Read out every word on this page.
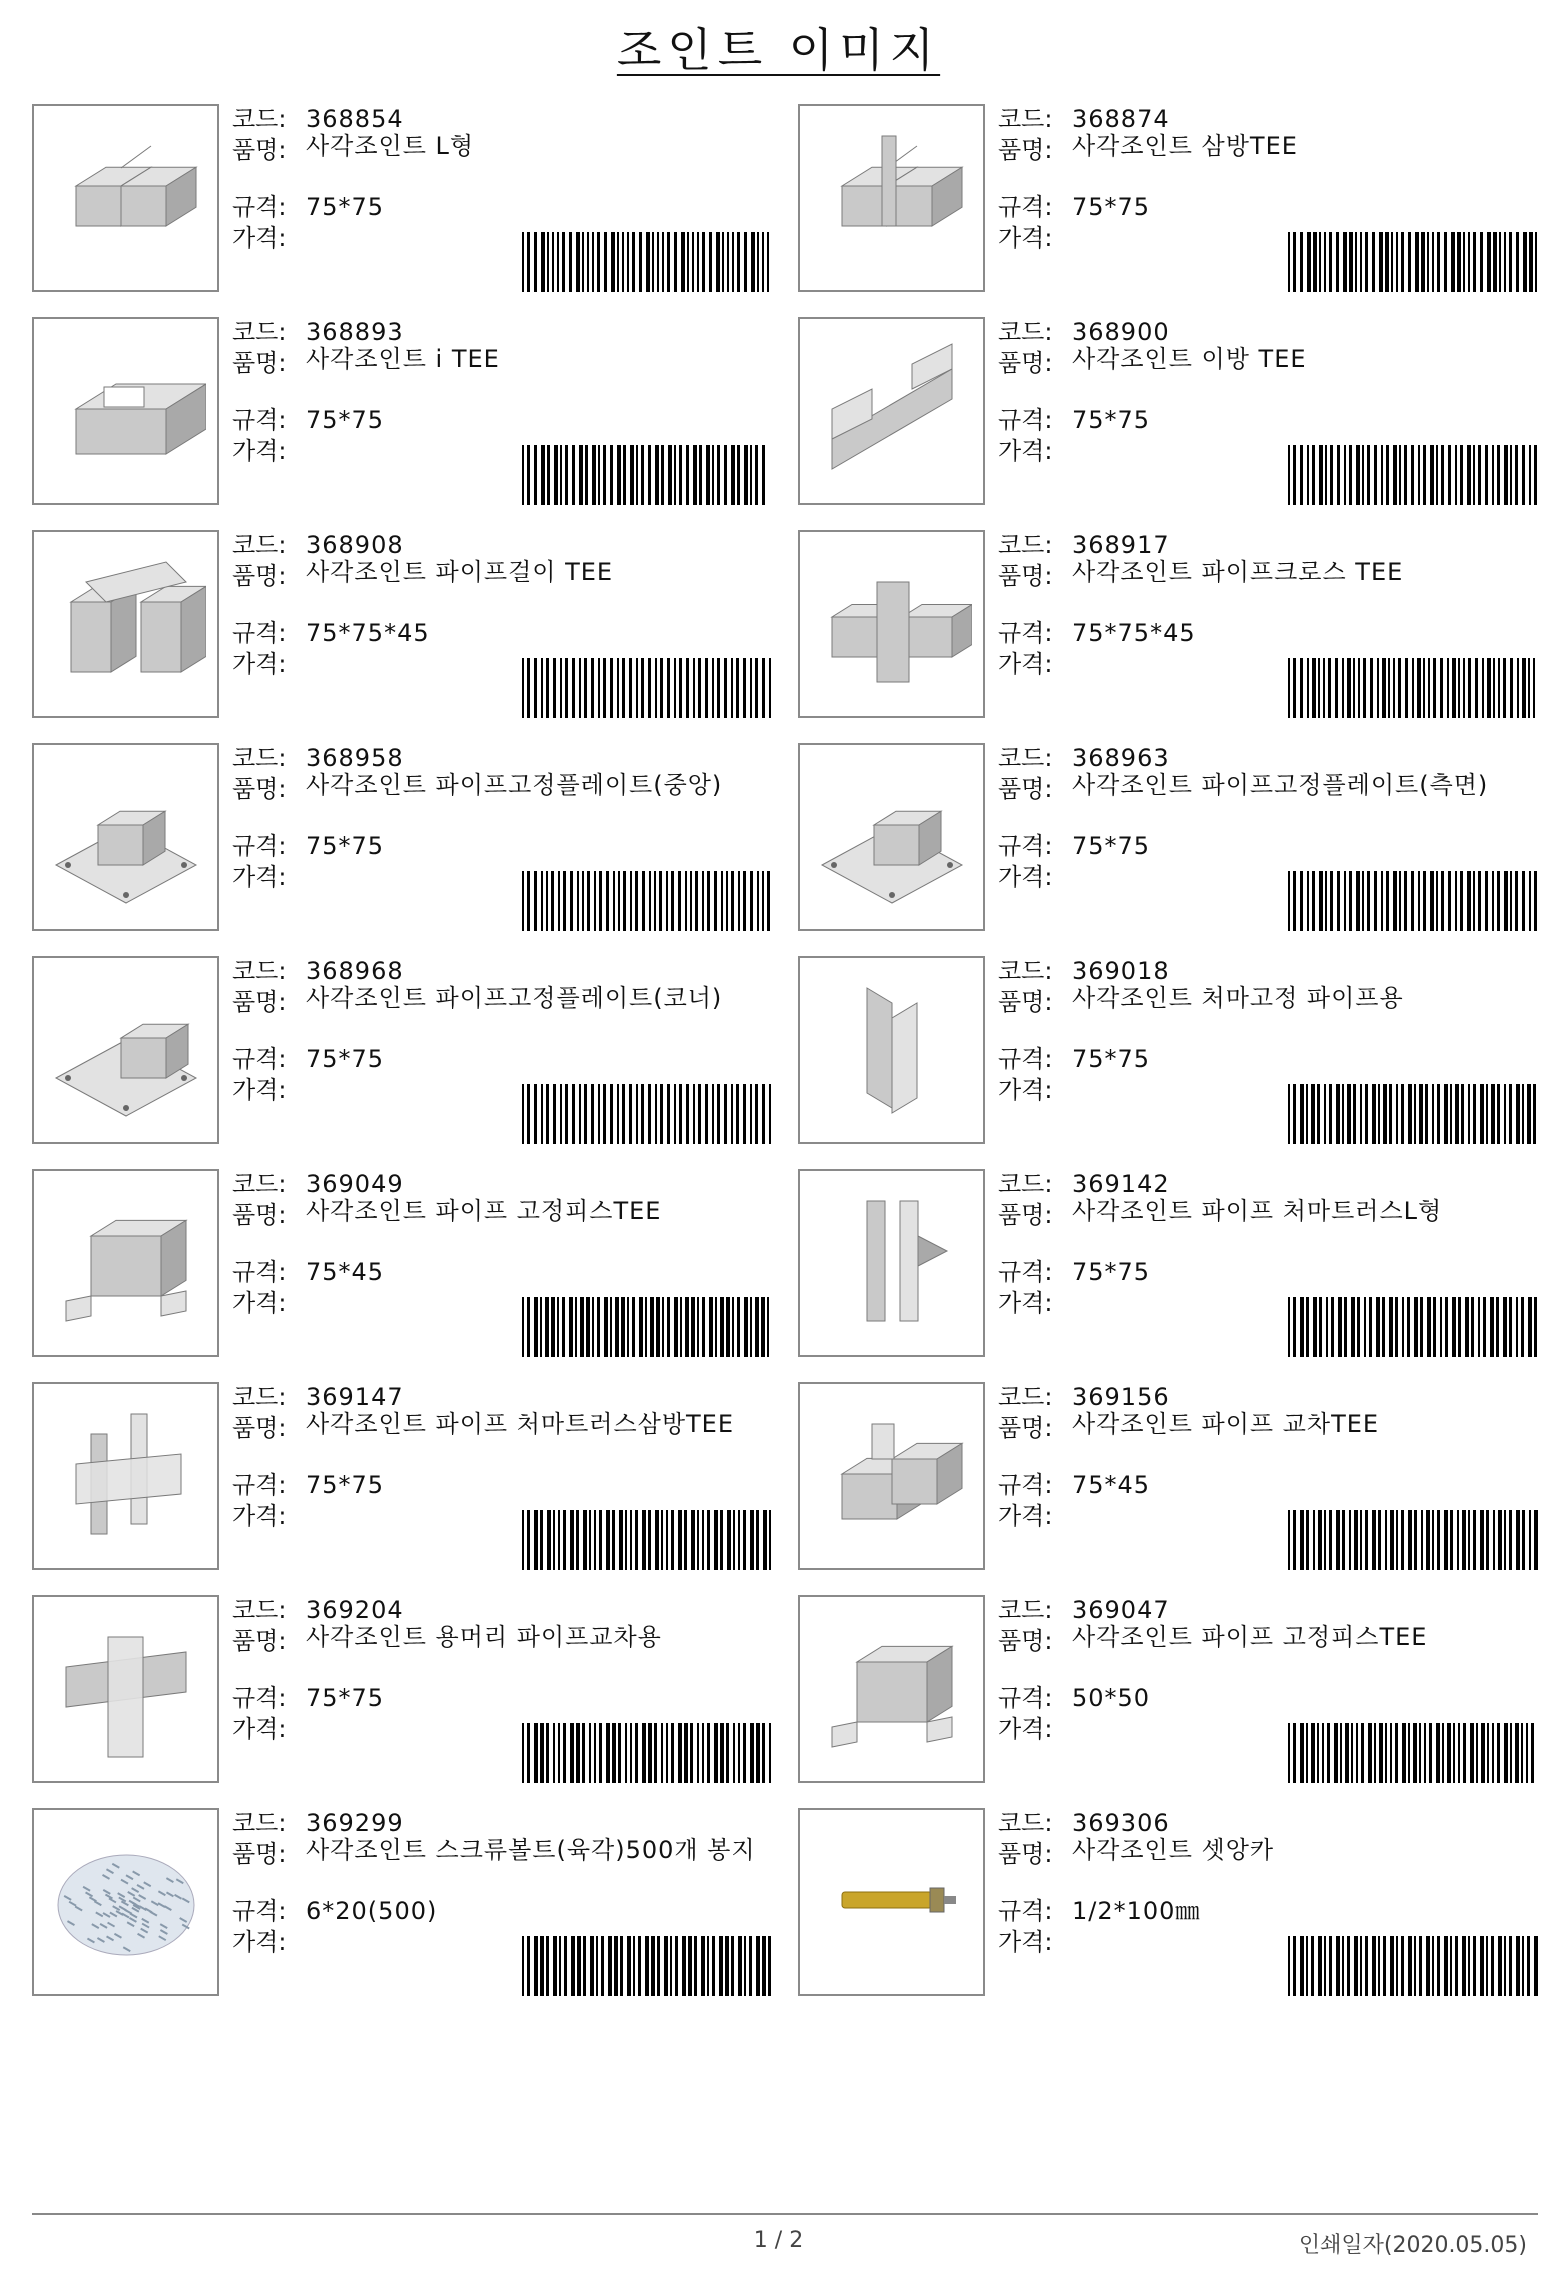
조인트 이미지
코드: 368854
품명: 사각조인트 L형
규격: 75*75
가격:
코드: 368874
품명: 사각조인트 삼방TEE
규격: 75*75
가격:
코드: 368893
품명: 사각조인트 i TEE
규격: 75*75
가격:
코드: 368900
품명: 사각조인트 이방 TEE
규격: 75*75
가격:
코드: 368908
품명: 사각조인트 파이프걸이 TEE
규격: 75*75*45
가격:
코드: 368917
품명: 사각조인트 파이프크로스 TEE
규격: 75*75*45
가격:
코드: 368958
품명: 사각조인트 파이프고정플레이트(중앙)
규격: 75*75
가격:
코드: 368963
품명: 사각조인트 파이프고정플레이트(측면)
규격: 75*75
가격:
코드: 368968
품명: 사각조인트 파이프고정플레이트(코너)
규격: 75*75
가격:
코드: 369018
품명: 사각조인트 처마고정 파이프용
규격: 75*75
가격:
코드: 369049
품명: 사각조인트 파이프 고정피스TEE
규격: 75*45
가격:
코드: 369142
품명: 사각조인트 파이프 처마트러스L형
규격: 75*75
가격:
코드: 369147
품명: 사각조인트 파이프 처마트러스삼방TEE
규격: 75*75
가격:
코드: 369156
품명: 사각조인트 파이프 교차TEE
규격: 75*45
가격:
코드: 369204
품명: 사각조인트 용머리 파이프교차용
규격: 75*75
가격:
코드: 369047
품명: 사각조인트 파이프 고정피스TEE
규격: 50*50
가격:
코드: 369299
품명: 사각조인트 스크류볼트(육각)500개 봉지
규격: 6*20(500)
가격:
코드: 369306
품명: 사각조인트 셋앙카
규격: 1/2*100㎜
가격:
1 / 2	인쇄일자(2020.05.05)
